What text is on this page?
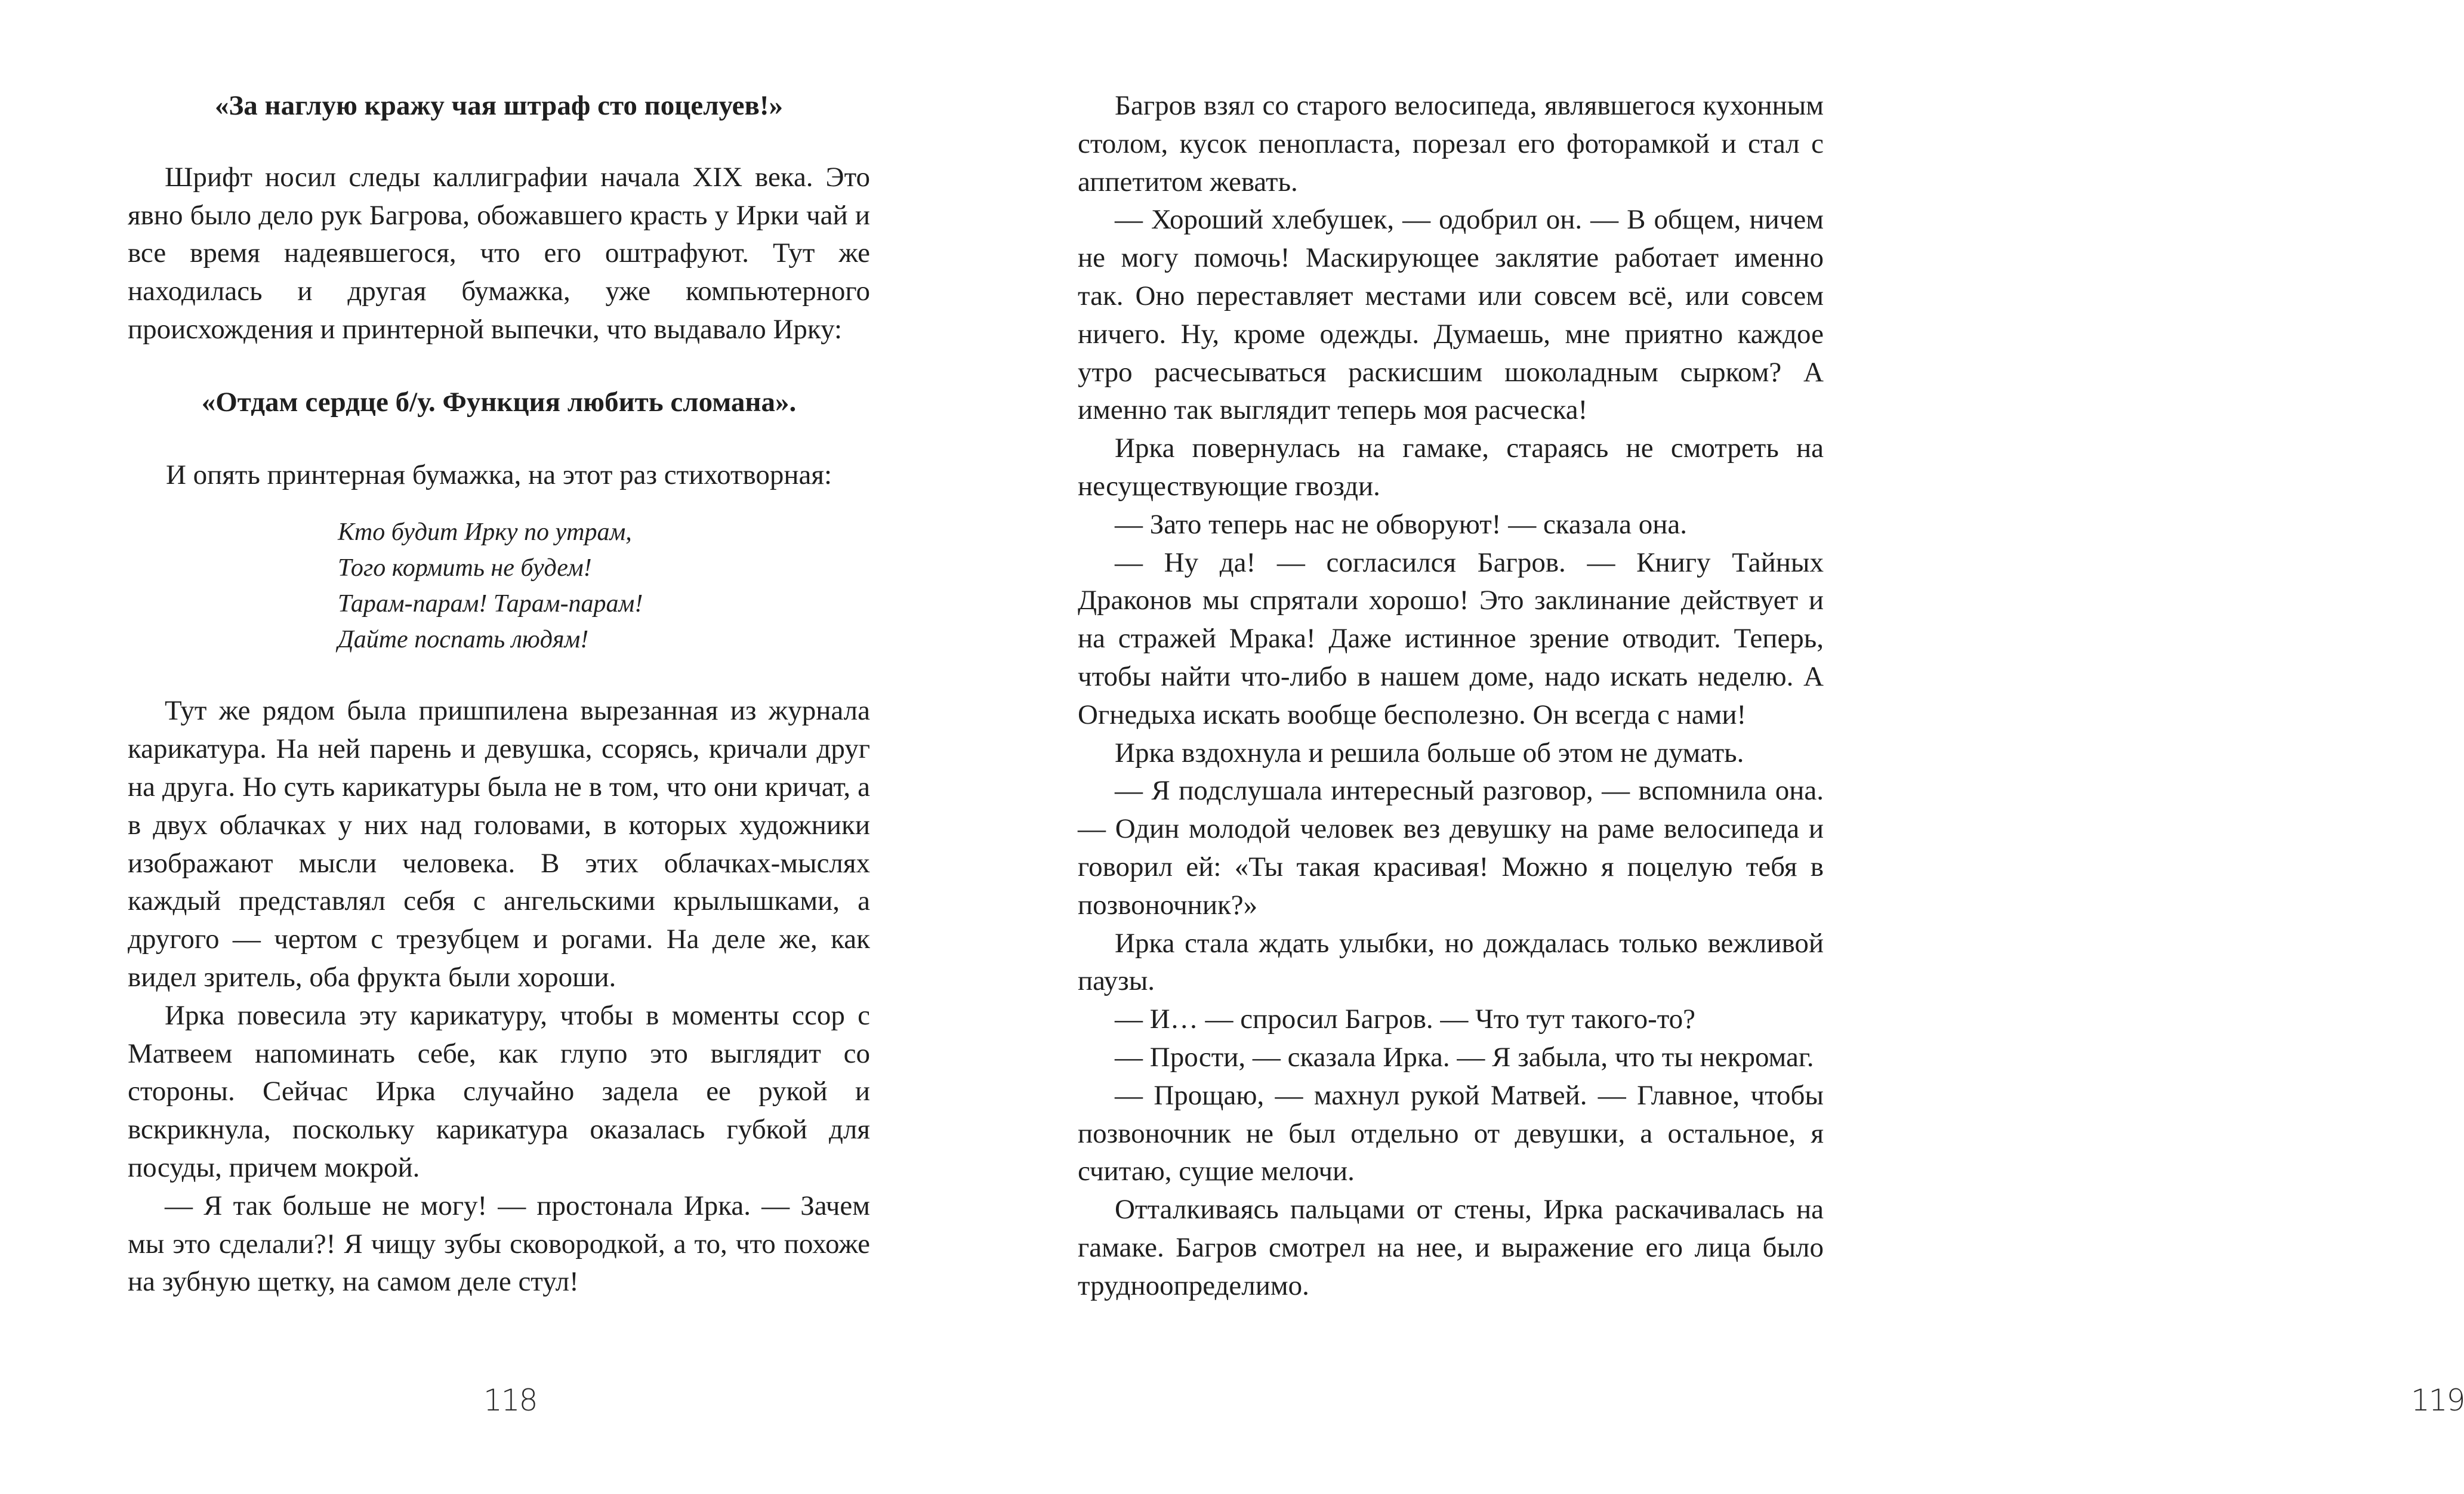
«За наглую кражу чая штраф сто поцелуев!»

Шрифт носил следы каллиграфии начала XIX века. Это явно было дело рук Багрова, обожавшего красть у Ирки чай и все время надеявшегося, что его оштрафуют. Тут же находилась и другая бумажка, уже компьютерного происхождения и принтерной выпечки, что выдавало Ирку:

«Отдам сердце б/у. Функция любить сломана».

И опять принтерная бумажка, на этот раз стихотворная:

Кто будит Ирку по утрам,
Того кормить не будем!
Тарам-парам! Тарам-парам!
Дайте поспать людям!

Тут же рядом была пришпилена вырезанная из журнала карикатура. На ней парень и девушка, ссорясь, кричали друг на друга. Но суть карикатуры была не в том, что они кричат, а в двух облачках у них над головами, в которых художники изображают мысли человека. В этих облачках-мыслях каждый представлял себя с ангельскими крылышками, а другого — чертом с трезубцем и рогами. На деле же, как видел зритель, оба фрукта были хороши.

Ирка повесила эту карикатуру, чтобы в моменты ссор с Матвеем напоминать себе, как глупо это выглядит со стороны. Сейчас Ирка случайно задела ее рукой и вскрикнула, поскольку карикатура оказалась губкой для посуды, причем мокрой.

— Я так больше не могу! — простонала Ирка. — Зачем мы это сделали?! Я чищу зубы сковородкой, а то, что похоже на зубную щетку, на самом деле стул!

118	119

Багров взял со старого велосипеда, являвшегося кухонным столом, кусок пенопласта, порезал его фоторамкой и стал с аппетитом жевать.

— Хороший хлебушек, — одобрил он. — В общем, ничем не могу помочь! Маскирующее заклятие работает именно так. Оно переставляет местами или совсем всё, или совсем ничего. Ну, кроме одежды. Думаешь, мне приятно каждое утро расчесываться раскисшим шоколадным сырком? А именно так выглядит теперь моя расческа!

Ирка повернулась на гамаке, стараясь не смотреть на несуществующие гвозди.

— Зато теперь нас не обворуют! — сказала она.

— Ну да! — согласился Багров. — Книгу Тайных Драконов мы спрятали хорошо! Это заклинание действует и на стражей Мрака! Даже истинное зрение отводит. Теперь, чтобы найти что-либо в нашем доме, надо искать неделю. А Огнедыха искать вообще бесполезно. Он всегда с нами!

Ирка вздохнула и решила больше об этом не думать.

— Я подслушала интересный разговор, — вспомнила она. — Один молодой человек вез девушку на раме велосипеда и говорил ей: «Ты такая красивая! Можно я поцелую тебя в позвоночник?»

Ирка стала ждать улыбки, но дождалась только вежливой паузы.

— И… — спросил Багров. — Что тут такого-то?

— Прости, — сказала Ирка. — Я забыла, что ты некромаг.

— Прощаю, — махнул рукой Матвей. — Главное, чтобы позвоночник не был отдельно от девушки, а остальное, я считаю, сущие мелочи.

Отталкиваясь пальцами от стены, Ирка раскачивалась на гамаке. Багров смотрел на нее, и выражение его лица было трудноопределимо.
